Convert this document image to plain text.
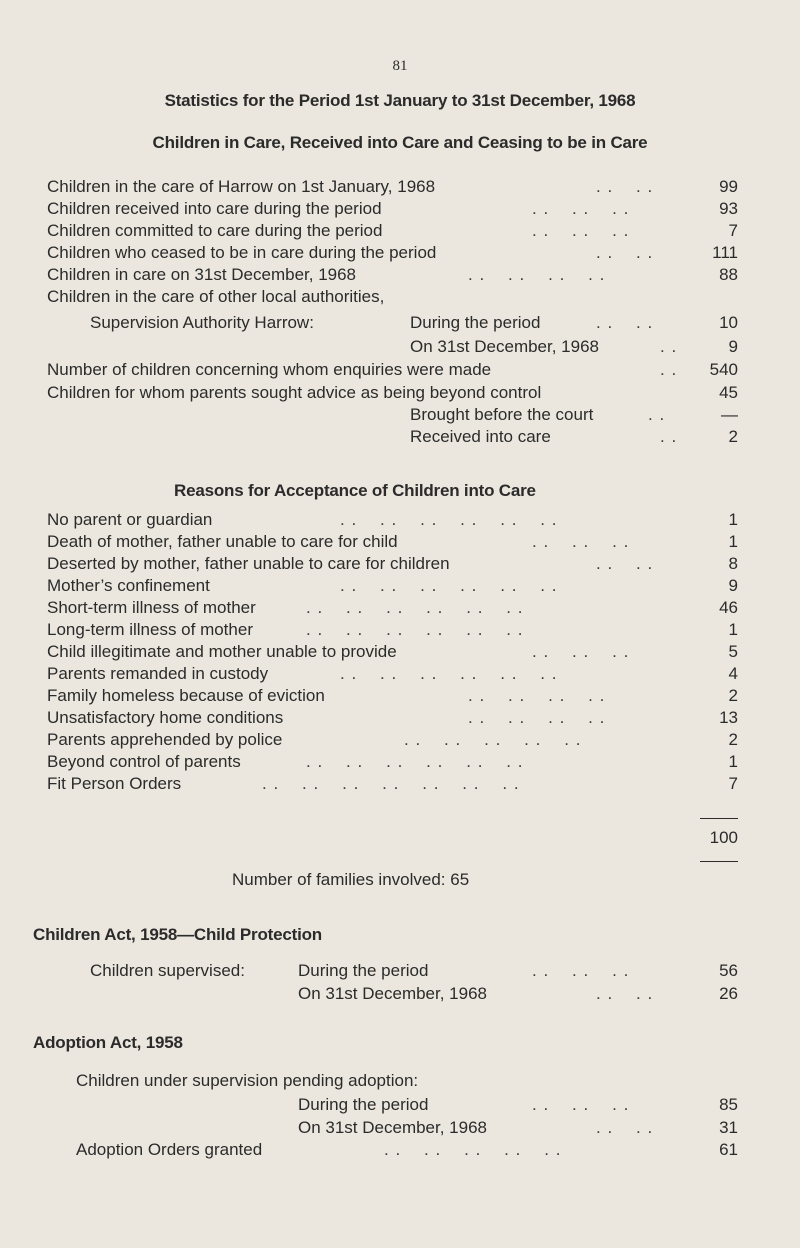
81
Statistics for the Period 1st January to 31st December, 1968
Children in Care, Received into Care and Ceasing to be in Care
Children in the care of Harrow on 1st January, 1968	. .    . .	99
Children received into care during the period	. .    . .    . .	93
Children committed to care during the period	. .    . .    . .	7
Children who ceased to be in care during the period	. .    . .	111
Children in care on 31st December, 1968	. .    . .    . .    . .	88
Children in the care of other local authorities,
Supervision Authority Harrow:	During the period	. .    . .	10
On 31st December, 1968	. .	9
Number of children concerning whom enquiries were made	. . 540
Children for whom parents sought advice as being beyond control	45
Brought before the court	. .	—
Received into care	. .	2
Reasons for Acceptance of Children into Care
No parent or guardian	. .    . .    . .    . .    . .    . .	1
Death of mother, father unable to care for child	. .    . .    . .	1
Deserted by mother, father unable to care for children	. .    . .	8
Mother’s confinement	. .    . .    . .    . .    . .    . .	9
Short-term illness of mother	. .    . .    . .    . .    . .    . .	46
Long-term illness of mother	. .    . .    . .    . .    . .    . .	1
Child illegitimate and mother unable to provide	. .    . .    . .	5
Parents remanded in custody	. .    . .    . .    . .    . .    . .	4
Family homeless because of eviction	. .    . .    . .    . .	2
Unsatisfactory home conditions	. .    . .    . .    . .	13
Parents apprehended by police	. .    . .    . .    . .    . .	2
Beyond control of parents	. .    . .    . .    . .    . .    . .	1
Fit Person Orders	. .    . .    . .    . .    . .    . .    . .	7
100
Number of families involved: 65
Children Act, 1958—Child Protection
Children supervised:	During the period	. .    . .    . .	56
On 31st December, 1968	. .    . .	26
Adoption Act, 1958
Children under supervision pending adoption:
During the period	. .    . .    . .	85
On 31st December, 1968	. .    . .	31
Adoption Orders granted	. .    . .    . .    . .    . .	61
